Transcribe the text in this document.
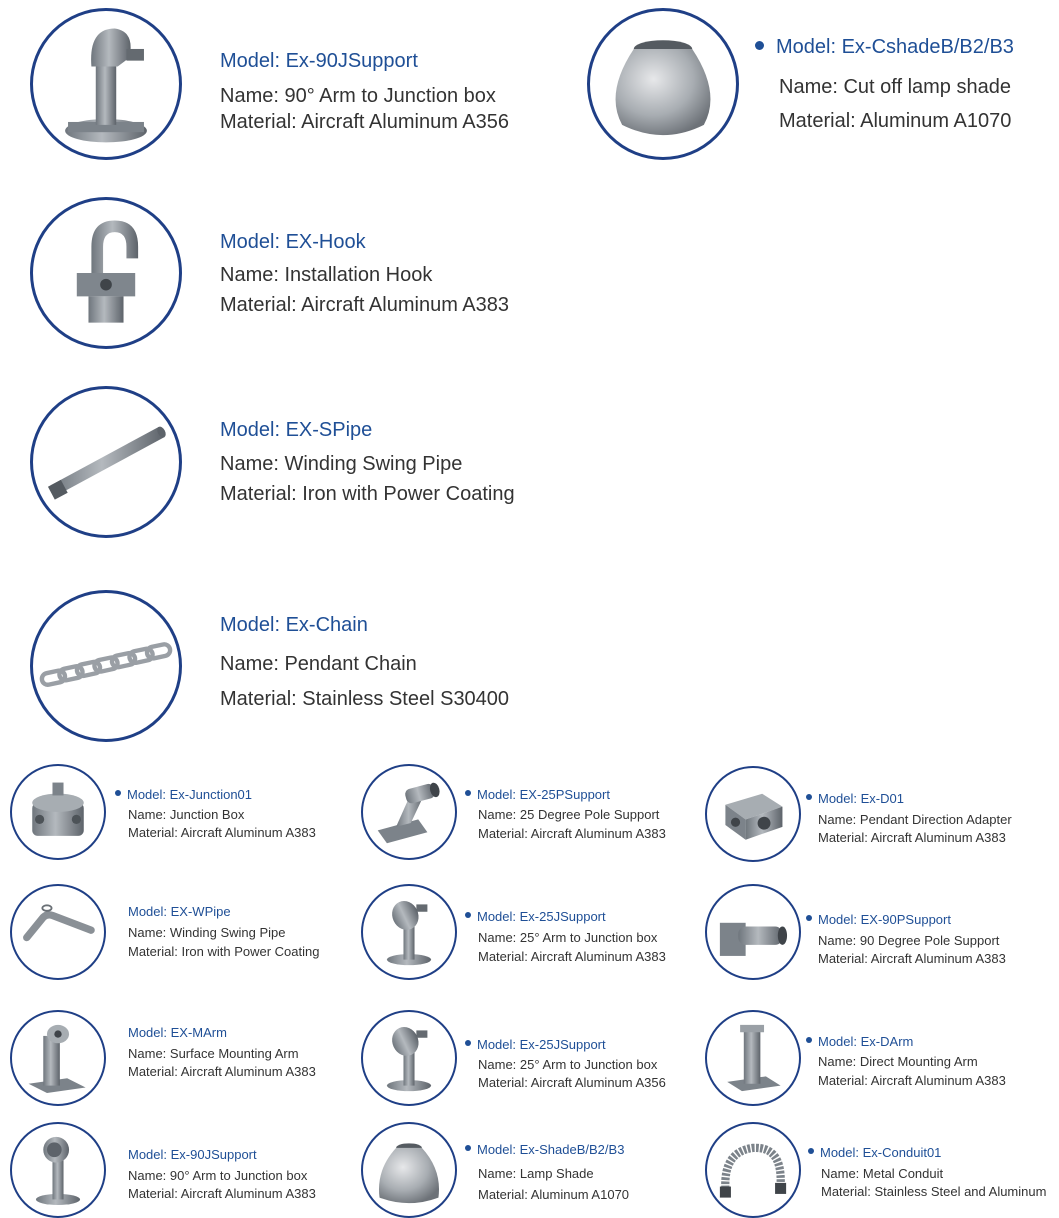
Model: Ex-90JSupport
Name: 90° Arm to Junction box
Material: Aircraft Aluminum A356
Model: Ex-CshadeB/B2/B3
Name: Cut off lamp shade
Material: Aluminum A1070
Model: EX-Hook
Name: Installation Hook
Material: Aircraft Aluminum A383
Model: EX-SPipe
Name: Winding Swing Pipe
Material: Iron with Power Coating
Model: Ex-Chain
Name: Pendant Chain
Material: Stainless Steel S30400
Model: Ex-Junction01
Name: Junction Box
Material: Aircraft Aluminum A383
Model: EX-25PSupport
Name: 25 Degree Pole Support
Material: Aircraft Aluminum A383
Model: Ex-D01
Name: Pendant Direction Adapter
Material: Aircraft Aluminum A383
Model: EX-WPipe
Name: Winding Swing Pipe
Material: Iron with Power Coating
Model: Ex-25JSupport
Name: 25° Arm to Junction box
Material: Aircraft Aluminum A383
Model: EX-90PSupport
Name: 90 Degree Pole Support
Material: Aircraft Aluminum A383
Model: EX-MArm
Name: Surface Mounting Arm
Material: Aircraft Aluminum A383
Model: Ex-25JSupport
Name: 25° Arm to Junction box
Material: Aircraft Aluminum A356
Model: Ex-DArm
Name: Direct Mounting Arm
Material: Aircraft Aluminum A383
Model: Ex-90JSupport
Name: 90° Arm to Junction box
Material: Aircraft Aluminum A383
Model: Ex-ShadeB/B2/B3
Name: Lamp Shade
Material: Aluminum A1070
Model: Ex-Conduit01
Name: Metal Conduit
Material: Stainless Steel and Aluminum
